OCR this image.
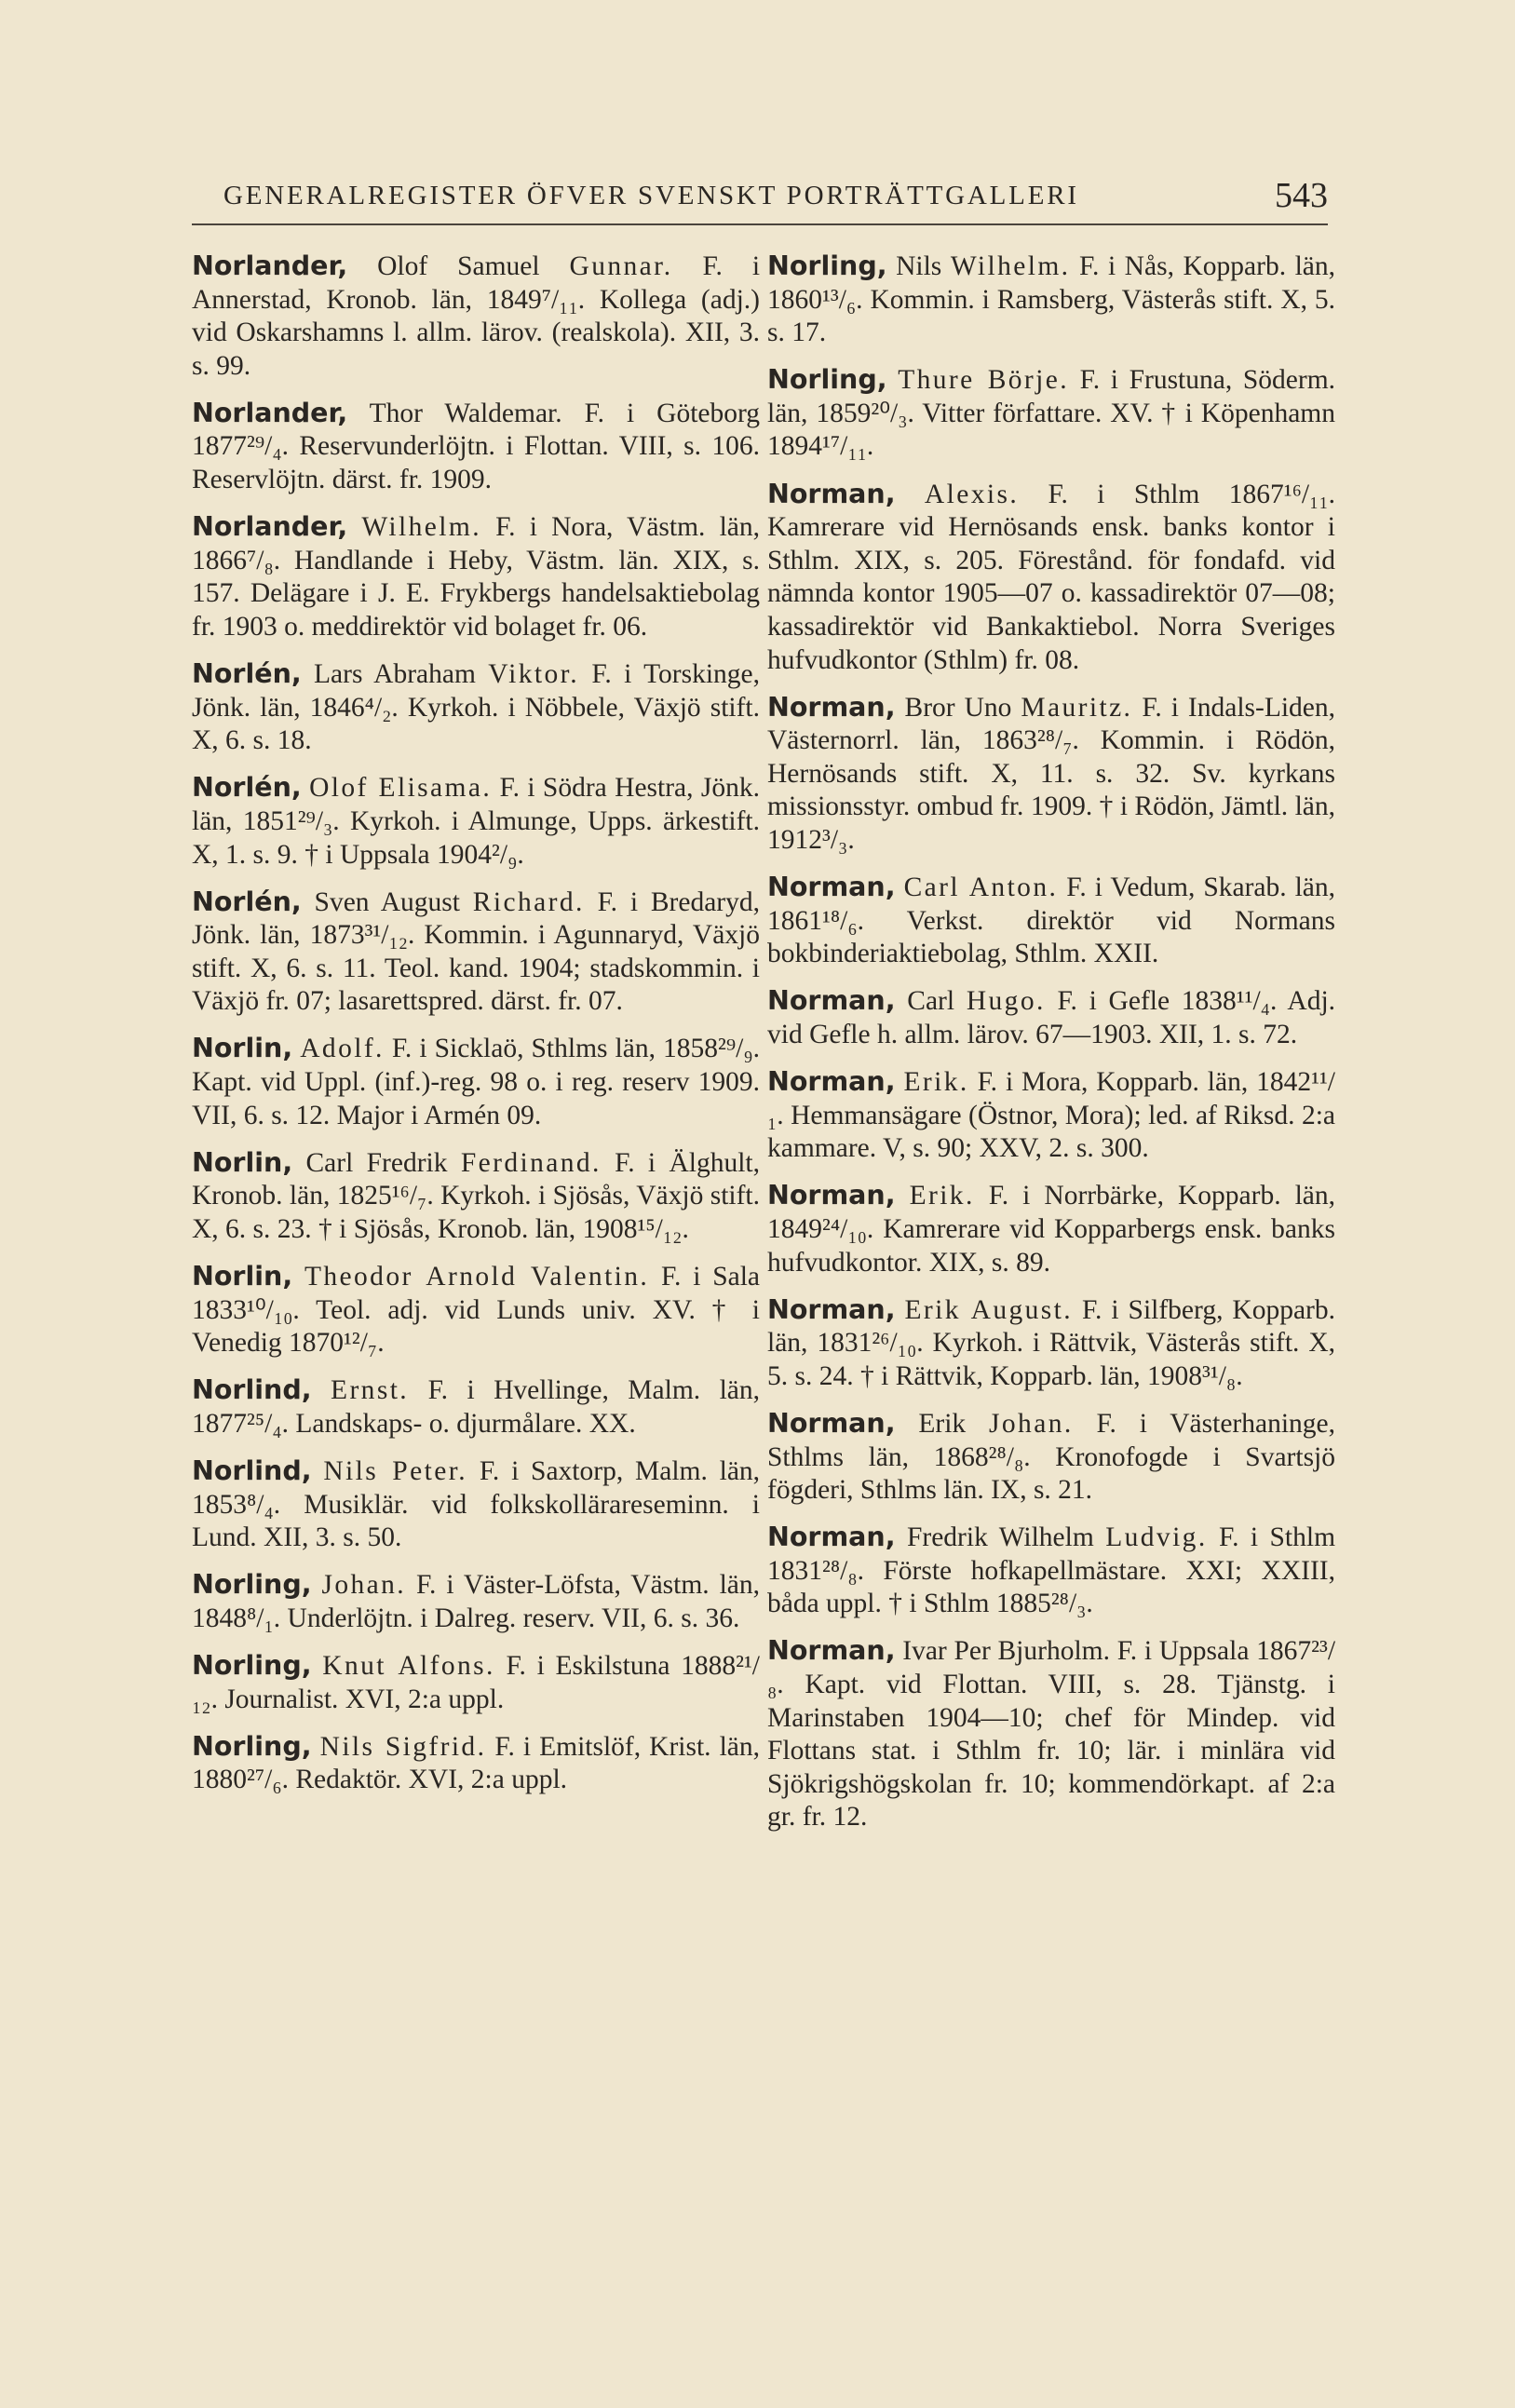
GENERALREGISTER ÖFVER SVENSKT PORTRÄTTGALLERI	543
Norlander, Olof Samuel Gunnar. F. i Annerstad, Kronob. län, 1849⁷/₁₁. Kollega (adj.) vid Oskarshamns l. allm. lärov. (realskola). XII, 3. s. 99.
Norlander, Thor Waldemar. F. i Göteborg 1877²⁹/₄. Reservunderlöjtn. i Flottan. VIII, s. 106. Reservlöjtn. därst. fr. 1909.
Norlander, Wilhelm. F. i Nora, Västm. län, 1866⁷/₈. Handlande i Heby, Västm. län. XIX, s. 157. Delägare i J. E. Frykbergs handelsaktiebolag fr. 1903 o. meddirektör vid bolaget fr. 06.
Norlén, Lars Abraham Viktor. F. i Torskinge, Jönk. län, 1846⁴/₂. Kyrkoh. i Nöbbele, Växjö stift. X, 6. s. 18.
Norlén, Olof Elisama. F. i Södra Hestra, Jönk. län, 1851²⁹/₃. Kyrkoh. i Almunge, Upps. ärkestift. X, 1. s. 9. † i Uppsala 1904²/₉.
Norlén, Sven August Richard. F. i Bredaryd, Jönk. län, 1873³¹/₁₂. Kommin. i Agunnaryd, Växjö stift. X, 6. s. 11. Teol. kand. 1904; stadskommin. i Växjö fr. 07; lasarettspred. därst. fr. 07.
Norlin, Adolf. F. i Sicklaö, Sthlms län, 1858²⁹/₉. Kapt. vid Uppl. (inf.)-reg. 98 o. i reg. reserv 1909. VII, 6. s. 12. Major i Armén 09.
Norlin, Carl Fredrik Ferdinand. F. i Älghult, Kronob. län, 1825¹⁶/₇. Kyrkoh. i Sjösås, Växjö stift. X, 6. s. 23. † i Sjösås, Kronob. län, 1908¹⁵/₁₂.
Norlin, Theodor Arnold Valentin. F. i Sala 1833¹⁰/₁₀. Teol. adj. vid Lunds univ. XV. † i Venedig 1870¹²/₇.
Norlind, Ernst. F. i Hvellinge, Malm. län, 1877²⁵/₄. Landskaps- o. djurmålare. XX.
Norlind, Nils Peter. F. i Saxtorp, Malm. län, 1853⁸/₄. Musiklär. vid folkskollärareseminn. i Lund. XII, 3. s. 50.
Norling, Johan. F. i Väster-Löfsta, Västm. län, 1848⁸/₁. Underlöjtn. i Dalreg. reserv. VII, 6. s. 36.
Norling, Knut Alfons. F. i Eskilstuna 1888²¹/₁₂. Journalist. XVI, 2:a uppl.
Norling, Nils Sigfrid. F. i Emitslöf, Krist. län, 1880²⁷/₆. Redaktör. XVI, 2:a uppl.
Norling, Nils Wilhelm. F. i Nås, Kopparb. län, 1860¹³/₆. Kommin. i Ramsberg, Västerås stift. X, 5. s. 17.
Norling, Thure Börje. F. i Frustuna, Söderm. län, 1859²⁰/₃. Vitter författare. XV. † i Köpenhamn 1894¹⁷/₁₁.
Norman, Alexis. F. i Sthlm 1867¹⁶/₁₁. Kamrerare vid Hernösands ensk. banks kontor i Sthlm. XIX, s. 205. Förestånd. för fondafd. vid nämnda kontor 1905—07 o. kassadirektör 07—08; kassadirektör vid Bankaktiebol. Norra Sveriges hufvudkontor (Sthlm) fr. 08.
Norman, Bror Uno Mauritz. F. i Indals-Liden, Västernorrl. län, 1863²⁸/₇. Kommin. i Rödön, Hernösands stift. X, 11. s. 32. Sv. kyrkans missionsstyr. ombud fr. 1909. † i Rödön, Jämtl. län, 1912³/₃.
Norman, Carl Anton. F. i Vedum, Skarab. län, 1861¹⁸/₆. Verkst. direktör vid Normans bokbinderiaktiebolag, Sthlm. XXII.
Norman, Carl Hugo. F. i Gefle 1838¹¹/₄. Adj. vid Gefle h. allm. lärov. 67—1903. XII, 1. s. 72.
Norman, Erik. F. i Mora, Kopparb. län, 1842¹¹/₁. Hemmansägare (Östnor, Mora); led. af Riksd. 2:a kammare. V, s. 90; XXV, 2. s. 300.
Norman, Erik. F. i Norrbärke, Kopparb. län, 1849²⁴/₁₀. Kamrerare vid Kopparbergs ensk. banks hufvudkontor. XIX, s. 89.
Norman, Erik August. F. i Silfberg, Kopparb. län, 1831²⁶/₁₀. Kyrkoh. i Rättvik, Västerås stift. X, 5. s. 24. † i Rättvik, Kopparb. län, 1908³¹/₈.
Norman, Erik Johan. F. i Västerhaninge, Sthlms län, 1868²⁸/₈. Kronofogde i Svartsjö fögderi, Sthlms län. IX, s. 21.
Norman, Fredrik Wilhelm Ludvig. F. i Sthlm 1831²⁸/₈. Förste hofkapellmästare. XXI; XXIII, båda uppl. † i Sthlm 1885²⁸/₃.
Norman, Ivar Per Bjurholm. F. i Uppsala 1867²³/₈. Kapt. vid Flottan. VIII, s. 28. Tjänstg. i Marinstaben 1904—10; chef för Mindep. vid Flottans stat. i Sthlm fr. 10; lär. i minlära vid Sjökrigshögskolan fr. 10; kommendörkapt. af 2:a gr. fr. 12.
